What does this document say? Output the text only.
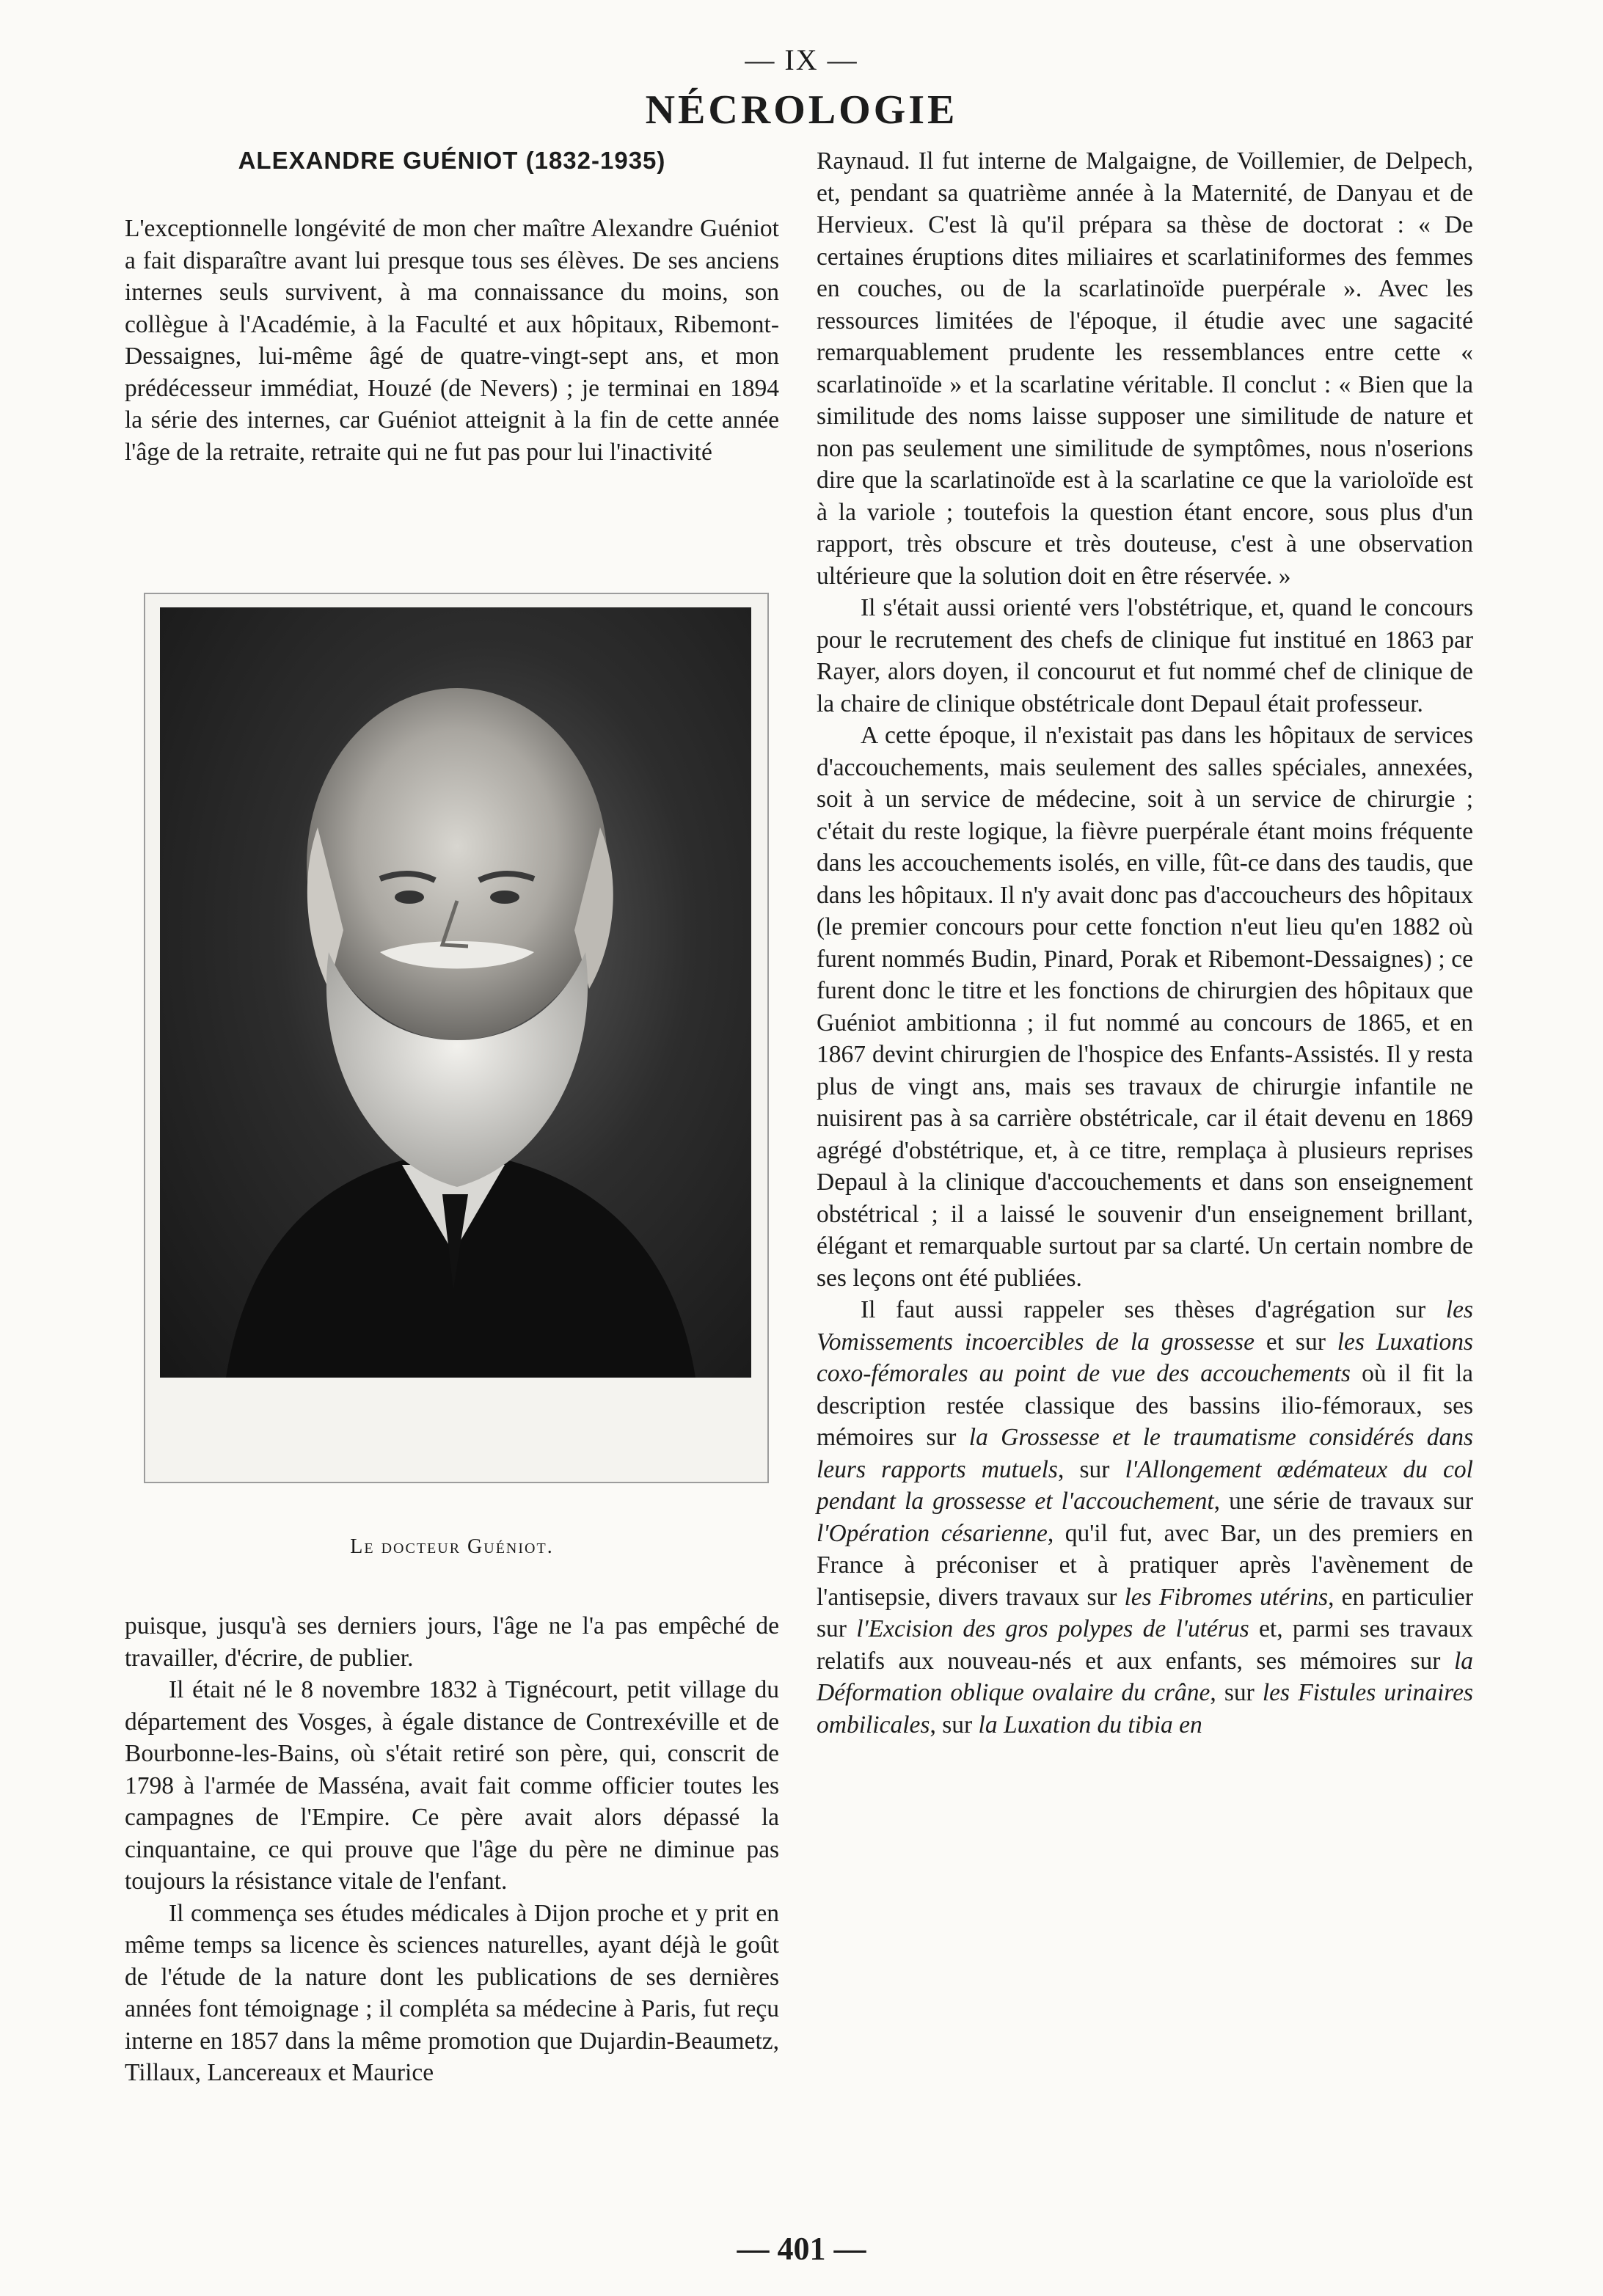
— IX —
NÉCROLOGIE
ALEXANDRE GUÉNIOT (1832-1935)

L'exceptionnelle longévité de mon cher maître Alexandre Guéniot a fait disparaître avant lui presque tous ses élèves. De ses anciens internes seuls survivent, à ma connaissance du moins, son collègue à l'Académie, à la Faculté et aux hôpitaux, Ribemont-Dessaignes, lui-même âgé de quatre-vingt-sept ans, et mon prédécesseur immédiat, Houzé (de Nevers) ; je terminai en 1894 la série des internes, car Guéniot atteignit à la fin de cette année l'âge de la retraite, retraite qui ne fut pas pour lui l'inactivité

Le docteur Guéniot.

puisque, jusqu'à ses derniers jours, l'âge ne l'a pas empêché de travailler, d'écrire, de publier.

Il était né le 8 novembre 1832 à Tignécourt, petit village du département des Vosges, à égale distance de Contrexéville et de Bourbonne-les-Bains, où s'était retiré son père, qui, conscrit de 1798 à l'armée de Masséna, avait fait comme officier toutes les campagnes de l'Empire. Ce père avait alors dépassé la cinquantaine, ce qui prouve que l'âge du père ne diminue pas toujours la résistance vitale de l'enfant.

Il commença ses études médicales à Dijon proche et y prit en même temps sa licence ès sciences naturelles, ayant déjà le goût de l'étude de la nature dont les publications de ses dernières années font témoignage ; il compléta sa médecine à Paris, fut reçu interne en 1857 dans la même promotion que Dujardin-Beaumetz, Tillaux, Lancereaux et Maurice

Raynaud. Il fut interne de Malgaigne, de Voillemier, de Delpech, et, pendant sa quatrième année à la Maternité, de Danyau et de Hervieux. C'est là qu'il prépara sa thèse de doctorat : « De certaines éruptions dites miliaires et scarlatiniformes des femmes en couches, ou de la scarlatinoïde puerpérale ». Avec les ressources limitées de l'époque, il étudie avec une sagacité remarquablement prudente les ressemblances entre cette « scarlatinoïde » et la scarlatine véritable. Il conclut : « Bien que la similitude des noms laisse supposer une similitude de nature et non pas seulement une similitude de symptômes, nous n'oserions dire que la scarlatinoïde est à la scarlatine ce que la varioloïde est à la variole ; toutefois la question étant encore, sous plus d'un rapport, très obscure et très douteuse, c'est à une observation ultérieure que la solution doit en être réservée. »

Il s'était aussi orienté vers l'obstétrique, et, quand le concours pour le recrutement des chefs de clinique fut institué en 1863 par Rayer, alors doyen, il concourut et fut nommé chef de clinique de la chaire de clinique obstétricale dont Depaul était professeur.

A cette époque, il n'existait pas dans les hôpitaux de services d'accouchements, mais seulement des salles spéciales, annexées, soit à un service de médecine, soit à un service de chirurgie ; c'était du reste logique, la fièvre puerpérale étant moins fréquente dans les accouchements isolés, en ville, fût-ce dans des taudis, que dans les hôpitaux. Il n'y avait donc pas d'accoucheurs des hôpitaux (le premier concours pour cette fonction n'eut lieu qu'en 1882 où furent nommés Budin, Pinard, Porak et Ribemont-Dessaignes) ; ce furent donc le titre et les fonctions de chirurgien des hôpitaux que Guéniot ambitionna ; il fut nommé au concours de 1865, et en 1867 devint chirurgien de l'hospice des Enfants-Assistés. Il y resta plus de vingt ans, mais ses travaux de chirurgie infantile ne nuisirent pas à sa carrière obstétricale, car il était devenu en 1869 agrégé d'obstétrique, et, à ce titre, remplaça à plusieurs reprises Depaul à la clinique d'accouchements et dans son enseignement obstétrical ; il a laissé le souvenir d'un enseignement brillant, élégant et remarquable surtout par sa clarté. Un certain nombre de ses leçons ont été publiées.

Il faut aussi rappeler ses thèses d'agrégation sur les Vomissements incoercibles de la grossesse et sur les Luxations coxo-fémorales au point de vue des accouchements où il fit la description restée classique des bassins ilio-fémoraux, ses mémoires sur la Grossesse et le traumatisme considérés dans leurs rapports mutuels, sur l'Allongement œdémateux du col pendant la grossesse et l'accouchement, une série de travaux sur l'Opération césarienne, qu'il fut, avec Bar, un des premiers en France à préconiser et à pratiquer après l'avènement de l'antisepsie, divers travaux sur les Fibromes utérins, en particulier sur l'Excision des gros polypes de l'utérus et, parmi ses travaux relatifs aux nouveau-nés et aux enfants, ses mémoires sur la Déformation oblique ovalaire du crâne, sur les Fistules urinaires ombilicales, sur la Luxation du tibia en

— 401 —
